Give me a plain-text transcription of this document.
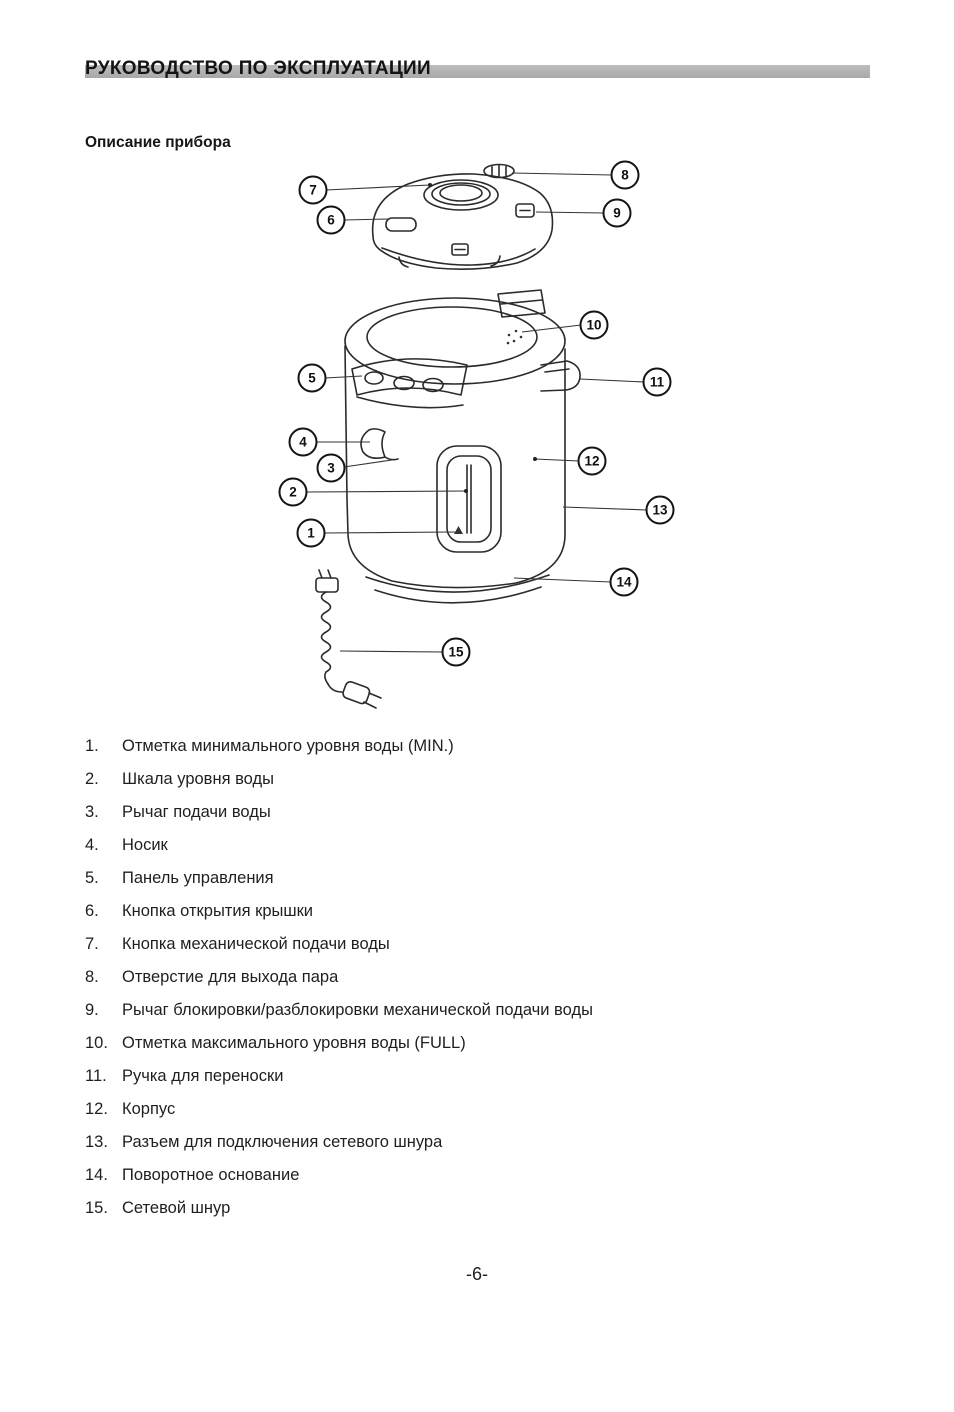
РУКОВОДСТВО ПО ЭКСПЛУАТАЦИИ
Описание прибора
1
2
3
4
5
6
7
8
9
10
11
12
13
14
15
1.	Отметка минимального уровня воды (MIN.)
2.	Шкала уровня воды
3.	Рычаг подачи воды
4.	Носик
5.	Панель управления
6.	Кнопка открытия крышки
7.	Кнопка механической подачи воды
8.	Отверстие для выхода пара
9.	Рычаг блокировки/разблокировки механической подачи воды
10. Отметка максимального уровня воды (FULL)
11. Ручка для переноски
12. Корпус
13. Разъем для подключения сетевого шнура
14. Поворотное основание
15. Сетевой шнур
-6-
